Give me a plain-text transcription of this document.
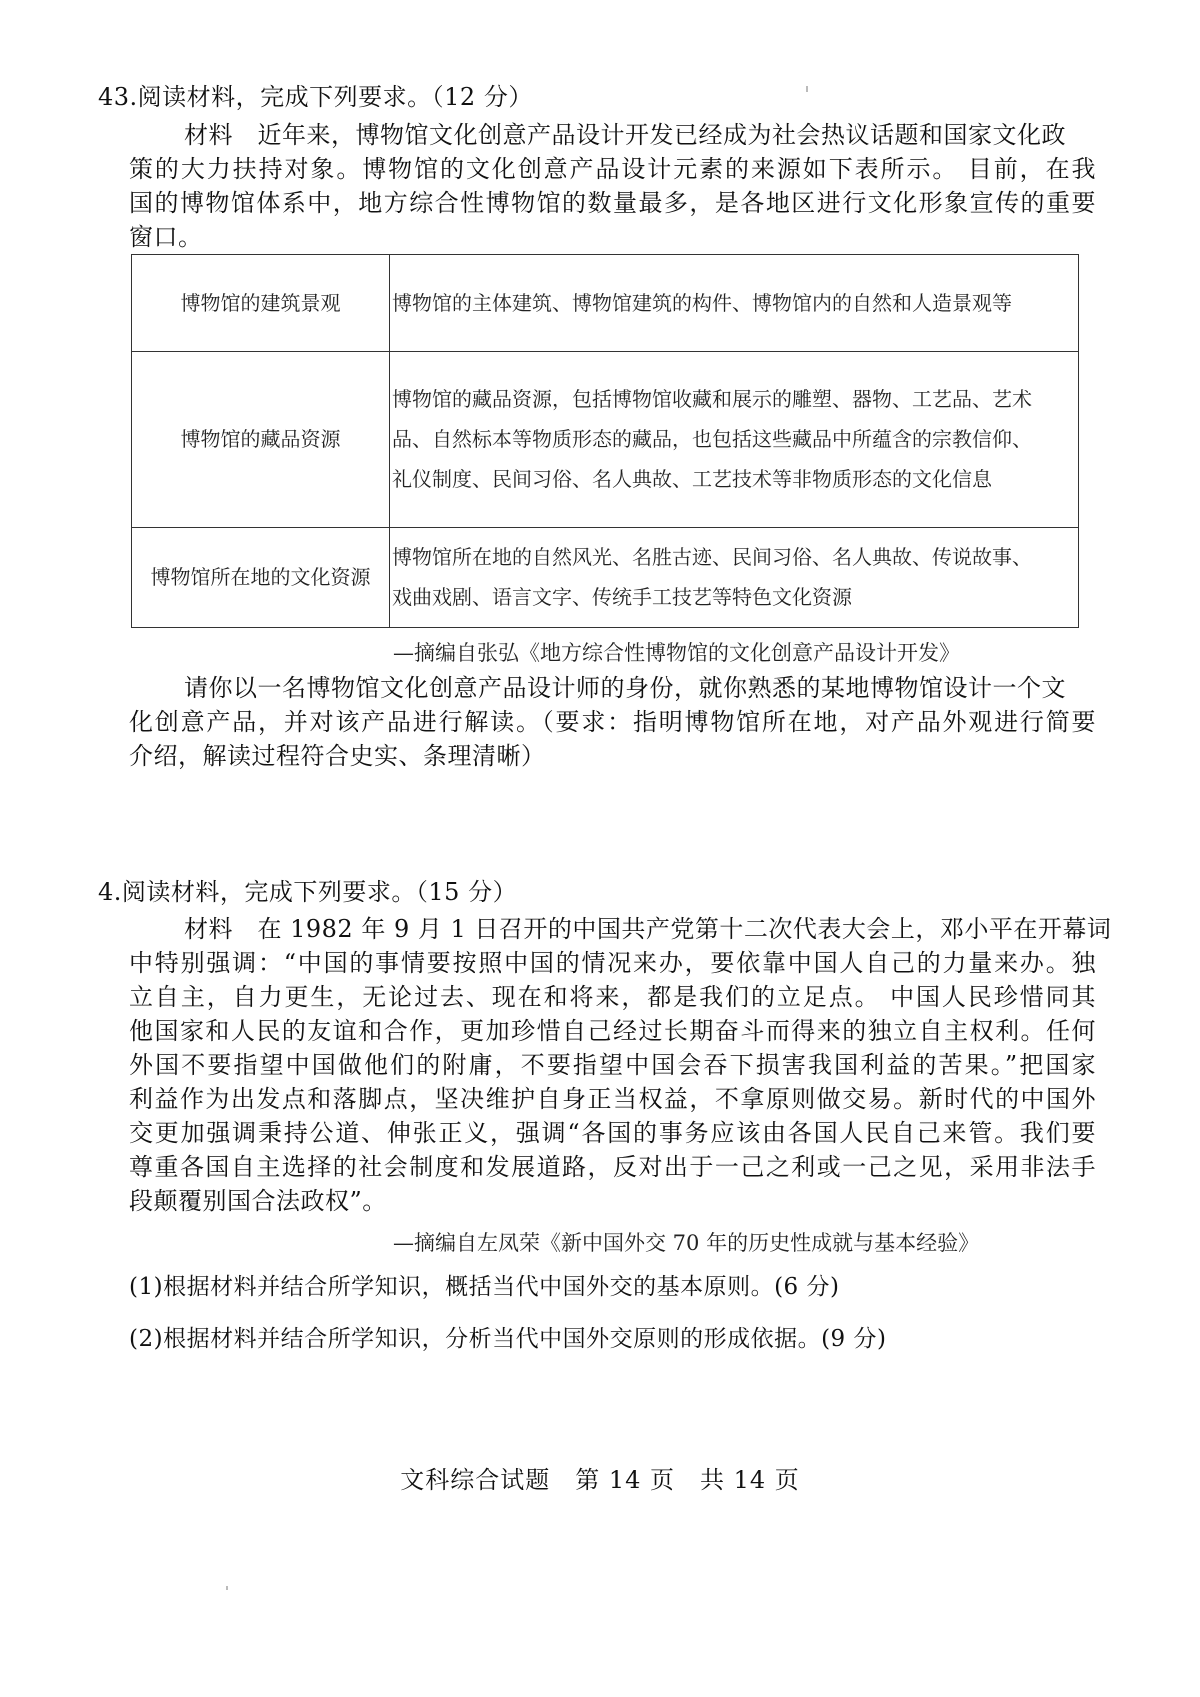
43.阅读材料，完成下列要求。（12 分）
材料　近年来，博物馆文化创意产品设计开发已经成为社会热议话题和国家文化政
策的大力扶持对象。博物馆的文化创意产品设计元素的来源如下表所示。 目前，在我
国的博物馆体系中，地方综合性博物馆的数量最多，是各地区进行文化形象宣传的重要
窗口。
博物馆的建筑景观	博物馆的主体建筑、博物馆建筑的构件、博物馆内的自然和人造景观等
博物馆的藏品资源
博物馆的藏品资源，包括博物馆收藏和展示的雕塑、器物、工艺品、艺术
品、自然标本等物质形态的藏品，也包括这些藏品中所蕴含的宗教信仰、
礼仪制度、民间习俗、名人典故、工艺技术等非物质形态的文化信息
博物馆所在地的文化资源
博物馆所在地的自然风光、名胜古迹、民间习俗、名人典故、传说故事、
戏曲戏剧、语言文字、传统手工技艺等特色文化资源
—摘编自张弘《地方综合性博物馆的文化创意产品设计开发》
请你以一名博物馆文化创意产品设计师的身份，就你熟悉的某地博物馆设计一个文
化创意产品，并对该产品进行解读。（要求：指明博物馆所在地，对产品外观进行简要
介绍，解读过程符合史实、条理清晰）
4.阅读材料，完成下列要求。（15 分）
材料　在 1982 年 9 月 1 日召开的中国共产党第十二次代表大会上，邓小平在开幕词
中特别强调：“中国的事情要按照中国的情况来办，要依靠中国人自己的力量来办。独
立自主，自力更生，无论过去、现在和将来，都是我们的立足点。 中国人民珍惜同其
他国家和人民的友谊和合作，更加珍惜自己经过长期奋斗而得来的独立自主权利。任何
外国不要指望中国做他们的附庸，不要指望中国会吞下损害我国利益的苦果。”把国家
利益作为出发点和落脚点，坚决维护自身正当权益，不拿原则做交易。新时代的中国外
交更加强调秉持公道、伸张正义，强调“各国的事务应该由各国人民自己来管。我们要
尊重各国自主选择的社会制度和发展道路，反对出于一己之利或一己之见，采用非法手
段颠覆别国合法政权”。
—摘编自左凤荣《新中国外交 70 年的历史性成就与基本经验》
(1)根据材料并结合所学知识，概括当代中国外交的基本原则。(6 分)
(2)根据材料并结合所学知识，分析当代中国外交原则的形成依据。(9 分)
文科综合试题　第 14 页　共 14 页
